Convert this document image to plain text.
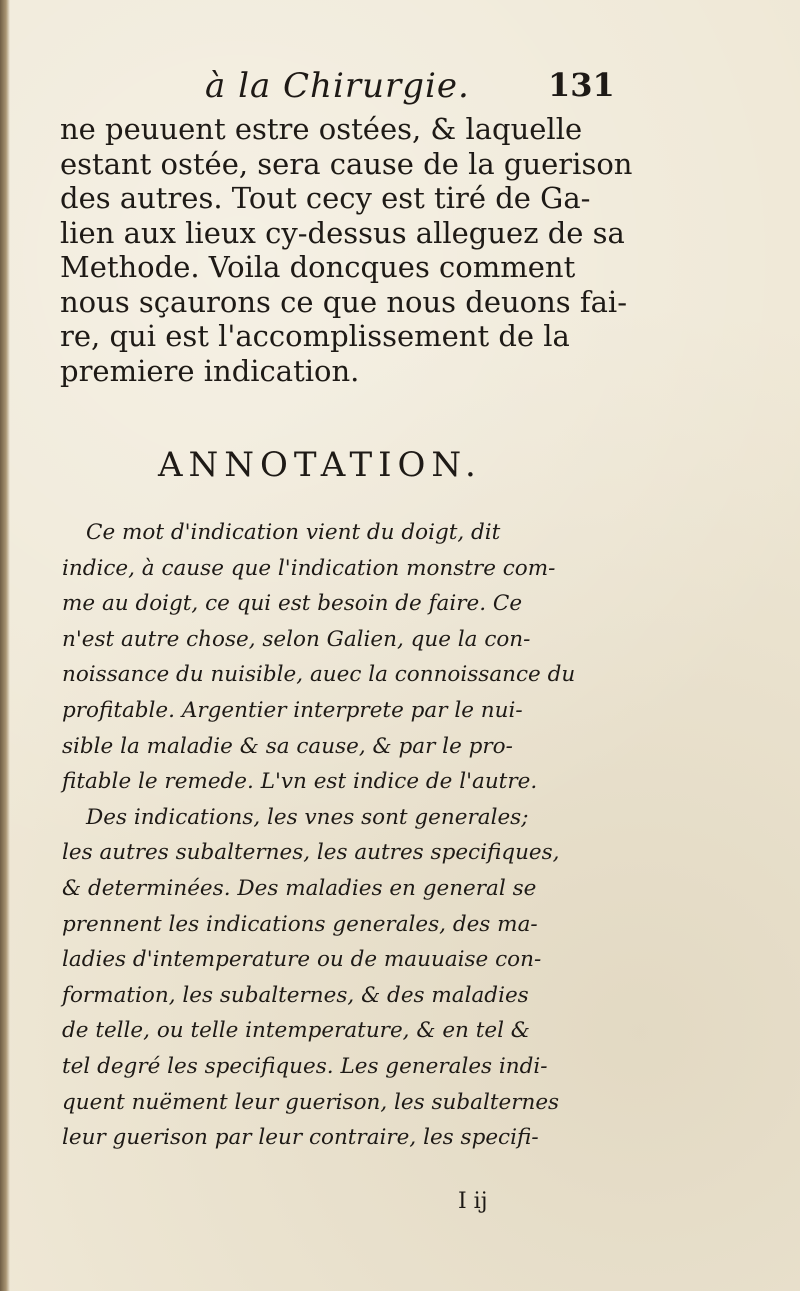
à la Chirurgie. 131
ne peuuent estre ostées, & laquelle
estant ostée, sera cause de la guerison
des autres. Tout cecy est tiré de Ga-
lien aux lieux cy-dessus alleguez de sa
Methode. Voila doncques comment
nous sçaurons ce que nous deuons fai-
re, qui est l'accomplissement de la
premiere indication.
ANNOTATION.
Ce mot d'indication vient du doigt, dit
indice, à cause que l'indication monstre com-
me au doigt, ce qui est besoin de faire. Ce
n'est autre chose, selon Galien, que la con-
noissance du nuisible, auec la connoissance du
profitable. Argentier interprete par le nui-
sible la maladie & sa cause, & par le pro-
fitable le remede. L'vn est indice de l'autre.
Des indications, les vnes sont generales;
les autres subalternes, les autres specifiques,
& determinées. Des maladies en general se
prennent les indications generales, des ma-
ladies d'intemperature ou de mauuaise con-
formation, les subalternes, & des maladies
de telle, ou telle intemperature, & en tel &
tel degré les specifiques. Les generales indi-
quent nuëment leur guerison, les subalternes
leur guerison par leur contraire, les specifi-
I ij
